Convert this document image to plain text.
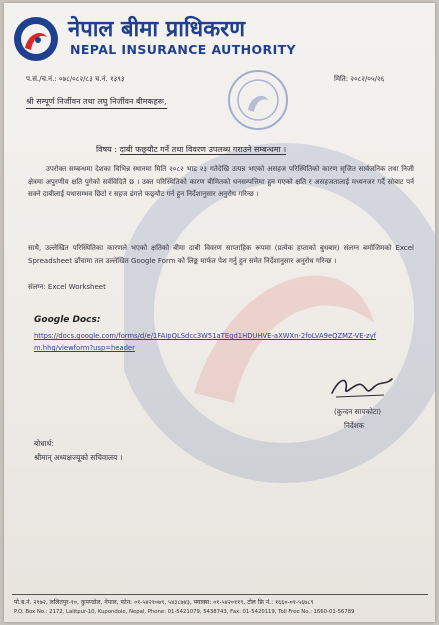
नेपाल बीमा प्राधिकरण
NEPAL INSURANCE AUTHORITY
प.सं./च.नं.: ०७८/०८२/८३ च.नं. १३९३	मिति: २०८२/०५/२६
श्री सम्पूर्ण निर्जीवन तथा लघु निर्जीवन बीमकहरू,
विषय : दाबी फछ्र्यौट गर्ने तथा विवरण उपलब्ध गराउने सम्बन्धमा ।
उपरोक्त सम्बन्धमा देशका विभिन्न स्थानमा मिति २०८२ भाद्र २३ गतेदेखि उत्पन्न भएको असहज परिस्थितिको कारण सृजित सार्वजनिक तथा निजी क्षेत्रमा अपुरणीय क्षति पुगेको सर्वविदितै छ । उक्त परिस्थितिको कारण बीमितको धनसम्पत्तिमा हुन गएको क्षति र असहजतालाई मध्यनजर गर्दै सोबाट पर्न सक्ने दाबीलाई यथासम्भव छिटो र सहज ढंगले फछ्र्यौट गर्न हुन निर्देशानुसार अनुरोध गरिन्छ ।
साथै, उल्लेखित परिस्थितिका कारणले भएको क्षतिको बीमा दाबी विवरण साप्ताहिक रूपमा (प्रत्येक हप्ताको बुधबार) संलग्न बमोजिमको Excel Spreadsheet ढाँचामा तल उल्लेखित Google Form को लिङ्क मार्फत पेश गर्नु हुन समेत निर्देशानुसार अनुरोध गरिन्छ ।
संलग्न: Excel Worksheet
Google Docs:
https://docs.google.com/forms/d/e/1FAIpQLSdcc3W51aTEgd1HDUHVE-aXWXn-2foLVA9eQZMZ-VE-zyfm.hhg/viewform?usp=header
(कुन्दन सापकोटा)
निर्देशक
बोधार्थ:
श्रीमान् अध्यक्षज्यूको सचिवालय ।
पो.ब.नं. २१७२, ललितपुर-१०, कुपण्डोल, नेपाल, फोन: ०१-५४२१०७९, ५४३८७४३, फ्याक्स: ०१-५४२०११९, टोल फ्रि नं.: १६६०-०१-५६७८९
P.O. Box No.: 2172, Lalitpur-10, Kupondole, Nepal, Phone: 01-5421079, 5438743, Fax: 01-5420119, Toll Free No.: 1660-01-56789
